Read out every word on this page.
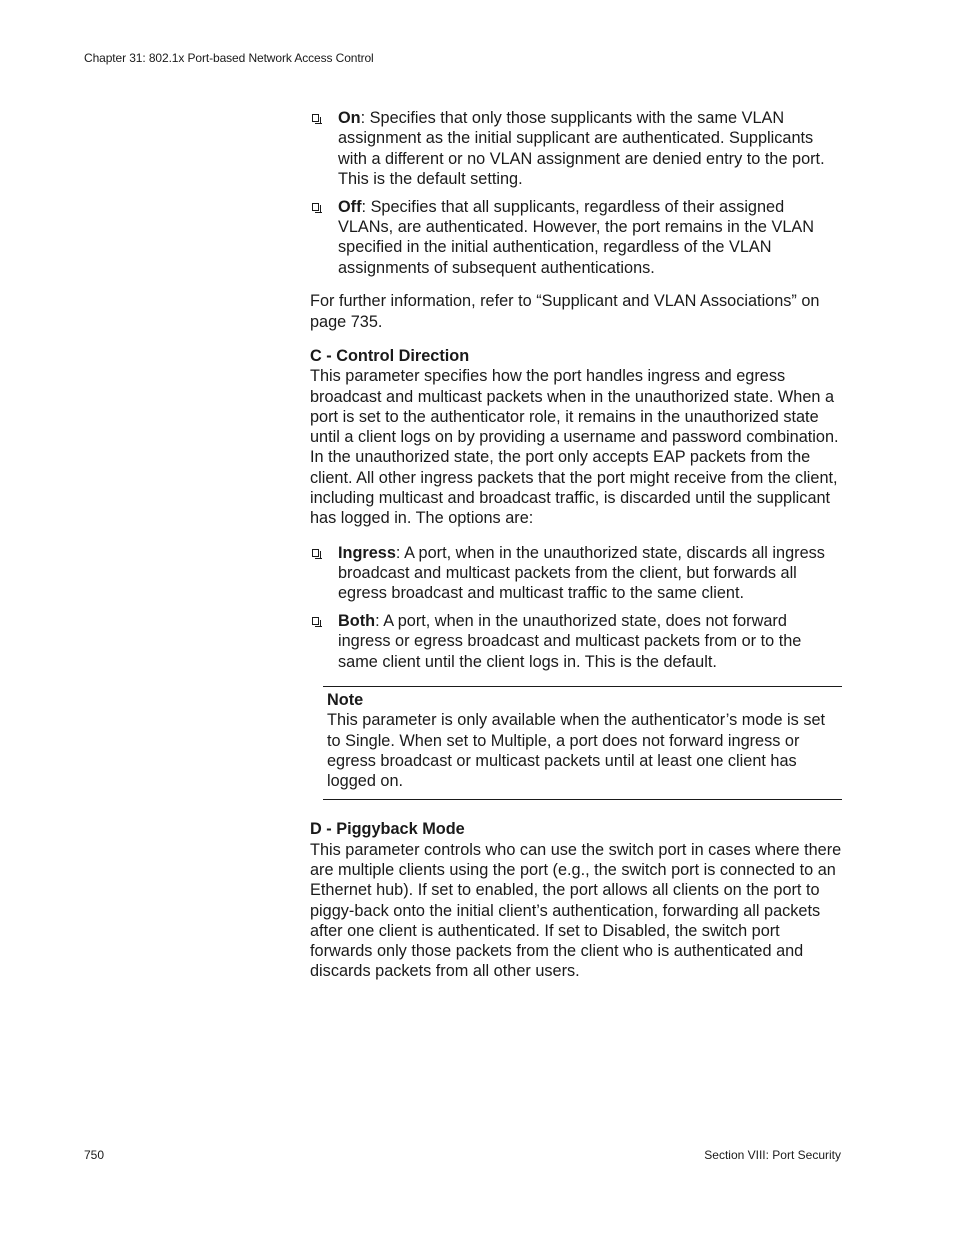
Chapter 31: 802.1x Port-based Network Access Control
On: Specifies that only those supplicants with the same VLAN assignment as the initial supplicant are authenticated. Supplicants with a different or no VLAN assignment are denied entry to the port. This is the default setting.
Off: Specifies that all supplicants, regardless of their assigned VLANs, are authenticated. However, the port remains in the VLAN specified in the initial authentication, regardless of the VLAN assignments of subsequent authentications.

For further information, refer to “Supplicant and VLAN Associations” on page 735.

C - Control Direction

This parameter specifies how the port handles ingress and egress broadcast and multicast packets when in the unauthorized state. When a port is set to the authenticator role, it remains in the unauthorized state until a client logs on by providing a username and password combination. In the unauthorized state, the port only accepts EAP packets from the client. All other ingress packets that the port might receive from the client, including multicast and broadcast traffic, is discarded until the supplicant has logged in. The options are:

Ingress: A port, when in the unauthorized state, discards all ingress broadcast and multicast packets from the client, but forwards all egress broadcast and multicast traffic to the same client.
Both: A port, when in the unauthorized state, does not forward ingress or egress broadcast and multicast packets from or to the same client until the client logs in. This is the default.
Note
This parameter is only available when the authenticator’s mode is set to Single. When set to Multiple, a port does not forward ingress or egress broadcast or multicast packets until at least one client has logged on.

D - Piggyback Mode

This parameter controls who can use the switch port in cases where there are multiple clients using the port (e.g., the switch port is connected to an Ethernet hub). If set to enabled, the port allows all clients on the port to piggy-back onto the initial client’s authentication, forwarding all packets after one client is authenticated. If set to Disabled, the switch port forwards only those packets from the client who is authenticated and discards packets from all other users.

750	Section VIII: Port Security
